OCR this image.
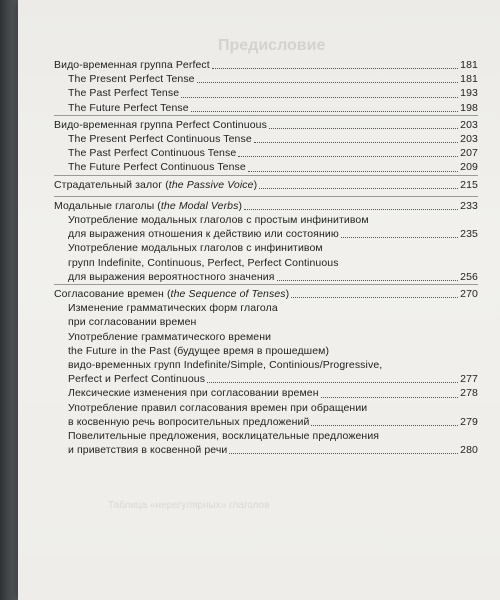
Предисловие
Таблица «нерегулярных» глаголов
Видо-временная группа Perfect	181
The Present Perfect Tense	181
The Past Perfect Tense	193
The Future Perfect Tense	198
Видо-временная группа Perfect Continuous	203
The Present Perfect Continuous Tense	203
The Past Perfect Continuous Tense	207
The Future Perfect Continuous Tense	209
Страдательный залог (the Passive Voice)	215
Модальные глаголы (the Modal Verbs)	233
Употребление модальных глаголов с простым инфинитивом
для выражения отношения к действию или состоянию	235
Употребление модальных глаголов с инфинитивом
групп Indefinite, Continuous, Perfect, Perfect Continuous
для выражения вероятностного значения	256
Согласование времен (the Sequence of Tenses)	270
Изменение грамматических форм глагола
при согласовании времен
Употребление грамматического времени
the Future in the Past (будущее время в прошедшем)
видо-временных групп Indefinite/Simple, Continious/Progressive,
Perfect и Perfect Continuous	277
Лексические изменения при согласовании времен	278
Употребление правил согласования времен при обращении
в косвенную речь вопросительных предложений	279
Повелительные предложения, восклицательные предложения
и приветствия в косвенной речи	280
